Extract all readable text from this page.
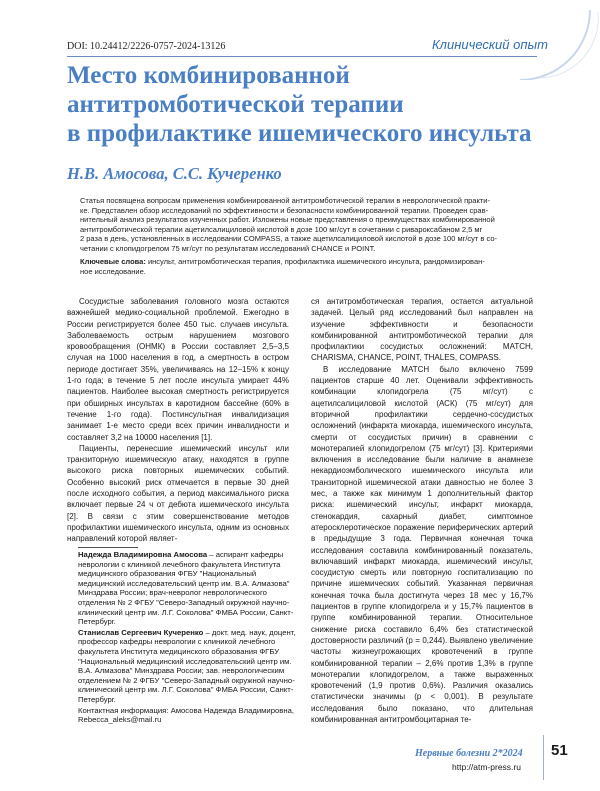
DOI: 10.24412/2226-0757-2024-13126	Клинический опыт
Место комбинированной
антитромботической терапии
в профилактике ишемического инсульта
Н.В. Амосова, С.С. Кучеренко
Статья посвящена вопросам применения комбинированной антитромботической терапии в неврологической практи-
ке. Представлен обзор исследований по эффективности и безопасности комбинированной терапии. Проведен срав-
нительный анализ результатов изученных работ. Изложены новые представления о преимуществах комбинированной
антитромботической терапии ацетилсалициловой кислотой в дозе 100 мг/сут в сочетании с ривароксабаном 2,5 мг
2 раза в день, установленных в исследовании COMPASS, а также ацетилсалициловой кислотой в дозе 100 мг/сут в со-
четании с клопидогрелом 75 мг/сут по результатам исследований CHANCE и POINT.
Ключевые слова: инсульт, антитромботическая терапия, профилактика ишемического инсульта, рандомизирован-
ное исследование.

Сосудистые заболевания головного мозга остаются важнейшей медико-социальной проблемой. Ежегодно в России регистрируется более 450 тыс. случаев инсульта. Заболеваемость острым нарушением мозгового кровообращения (ОНМК) в России составляет 2,5–3,5 случая на 1000 населения в год, а смертность в остром периоде достигает 35%, увеличиваясь на 12–15% к концу 1-го года; в течение 5 лет после инсульта умирает 44% пациентов. Наиболее высокая смертность регистрируется при обширных инсультах в каротидном бассейне (60% в течение 1-го года). Постинсультная инвалидизация занимает 1-е место среди всех причин инвалидности и составляет 3,2 на 10000 населения [1].

Пациенты, перенесшие ишемический инсульт или транзиторную ишемическую атаку, находятся в группе высокого риска повторных ишемических событий. Особенно высокий риск отмечается в первые 30 дней после исходного события, а период максимального риска включает первые 24 ч от дебюта ишемического инсульта [2]. В связи с этим совершенствование методов профилактики ишемического инсульта, одним из основных направлений которой являет-

Надежда Владимировна Амосова – аспирант кафедры неврологии с клиникой лечебного факультета Института медицинского образования ФГБУ "Национальный медицинский исследовательский центр им. В.А. Алмазова" Минздрава России; врач-невролог неврологического отделения № 2 ФГБУ "Северо-Западный окружной научно-клинический центр им. Л.Г. Соколова" ФМБА России, Санкт-Петербург.

Станислав Сергеевич Кучеренко – докт. мед. наук, доцент, профессор кафедры неврологии с клиникой лечебного факультета Института медицинского образования ФГБУ "Национальный медицинский исследовательский центр им. В.А. Алмазова" Минздрава России; зав. неврологическим отделением № 2 ФГБУ "Северо-Западный окружной научно-клинический центр им. Л.Г. Соколова" ФМБА России, Санкт-Петербург.

Контактная информация: Амосова Надежда Владимировна, Rebecca_aleks@mail.ru

ся антитромботическая терапия, остается актуальной задачей. Целый ряд исследований был направлен на изучение эффективности и безопасности комбинированной антитромботической терапии для профилактики сосудистых осложнений: MATCH, CHARISMA, CHANCE, POINT, THALES, COMPASS.

В исследование MATCH было включено 7599 пациентов старше 40 лет. Оценивали эффективность комбинации клопидогрела (75 мг/сут) с ацетилсалициловой кислотой (АСК) (75 мг/сут) для вторичной профилактики сердечно-сосудистых осложнений (инфаркта миокарда, ишемического инсульта, смерти от сосудистых причин) в сравнении с монотерапией клопидогрелом (75 мг/сут) [3]. Критериями включения в исследование были наличие в анамнезе некардиоэмболического ишемического инсульта или транзиторной ишемической атаки давностью не более 3 мес, а также как минимум 1 дополнительный фактор риска: ишемический инсульт, инфаркт миокарда, стенокардия, сахарный диабет, симптомное атеросклеротическое поражение периферических артерий в предыдущие 3 года. Первичная конечная точка исследования составила комбинированный показатель, включавший инфаркт миокарда, ишемический инсульт, сосудистую смерть или повторную госпитализацию по причине ишемических событий. Указанная первичная конечная точка была достигнута через 18 мес у 16,7% пациентов в группе клопидогрела и у 15,7% пациентов в группе комбинированной терапии. Относительное снижение риска составило 6,4% без статистической достоверности различий (p = 0,244). Выявлено увеличение частоты жизнеугрожающих кровотечений в группе комбинированной терапии – 2,6% против 1,3% в группе монотерапии клопидогрелом, а также выраженных кровотечений (1,9 против 0,6%). Различия оказались статистически значимы (p < 0,001). В результате исследования было показано, что длительная комбинированная антитромбоцитарная те-

Нервные болезни 2*2024
http://atm-press.ru
51
